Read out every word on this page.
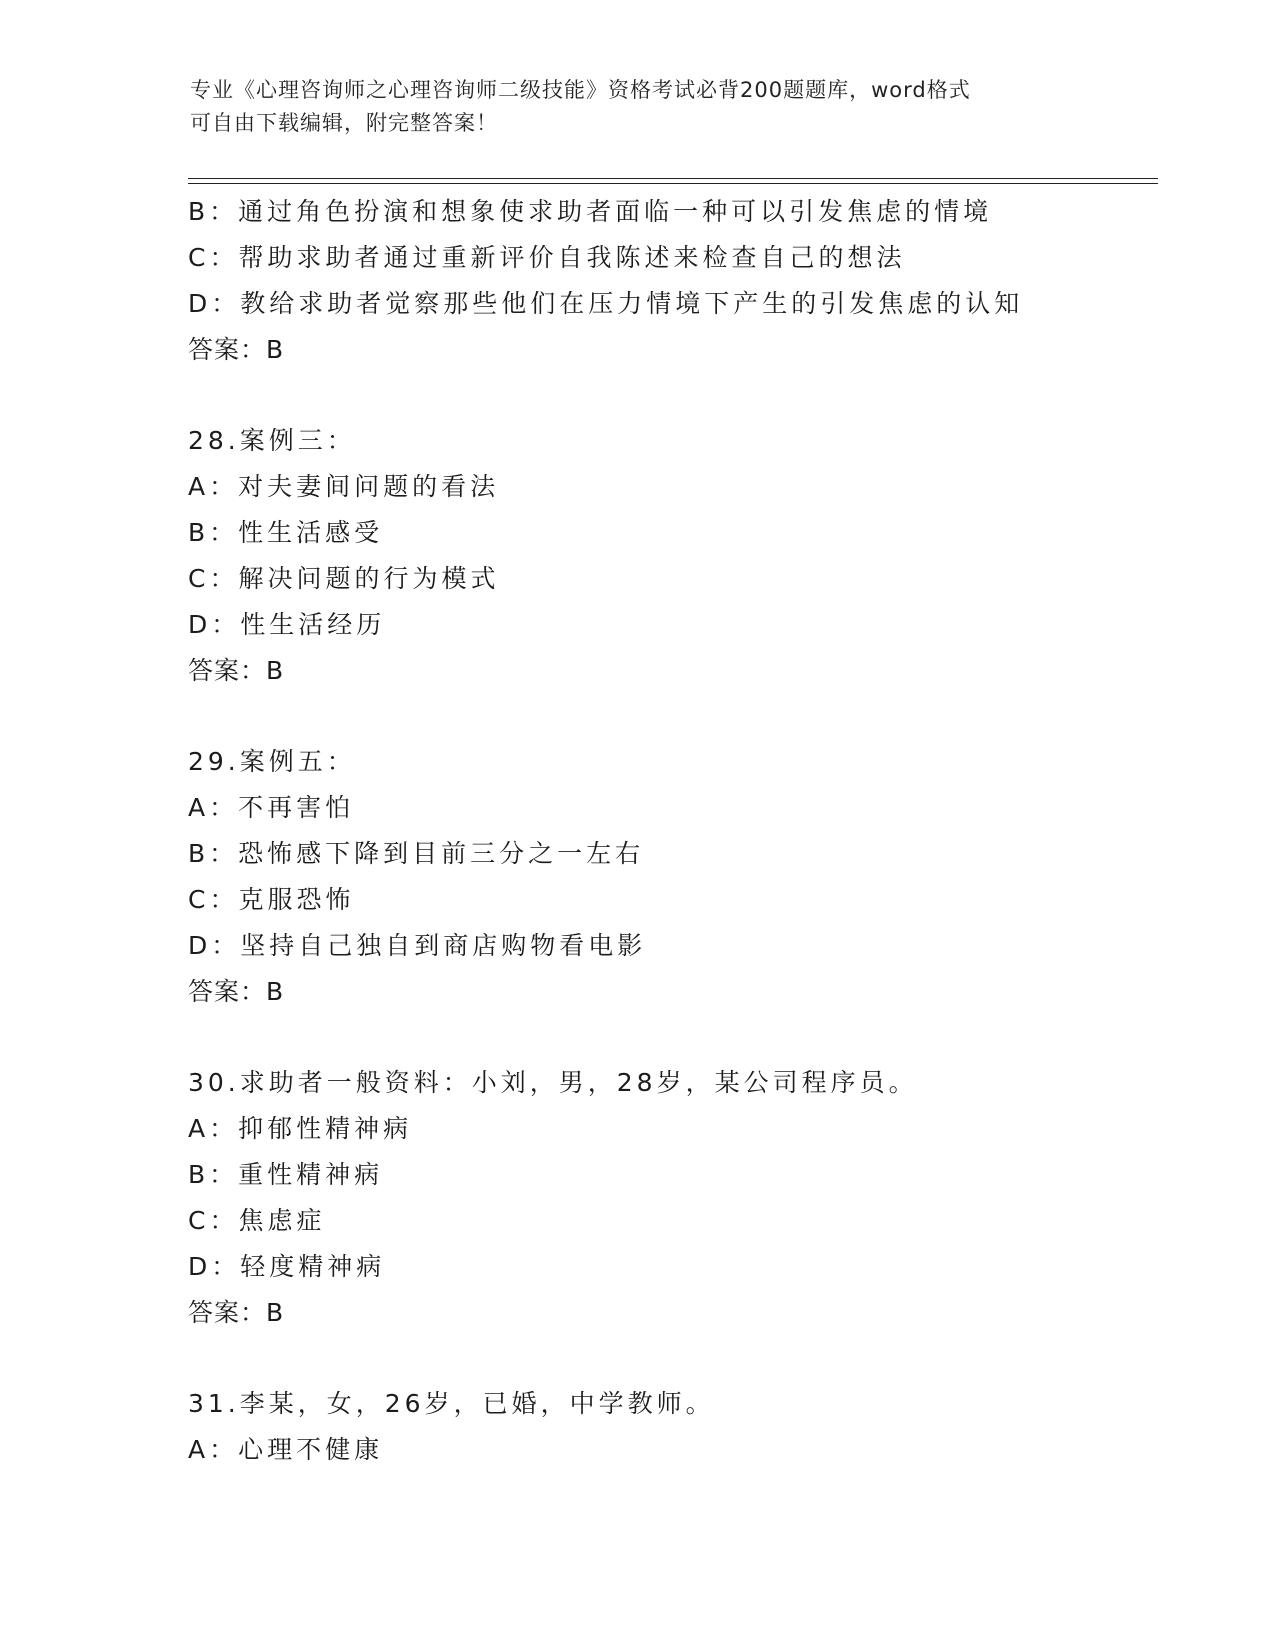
专业《心理咨询师之心理咨询师二级技能》资格考试必背200题题库，word格式
可自由下载编辑，附完整答案！
B：通过角色扮演和想象使求助者面临一种可以引发焦虑的情境
C：帮助求助者通过重新评价自我陈述来检查自己的想法
D：教给求助者觉察那些他们在压力情境下产生的引发焦虑的认知
答案：B
28.案例三：
A：对夫妻间问题的看法
B：性生活感受
C：解决问题的行为模式
D：性生活经历
答案：B
29.案例五：
A：不再害怕
B：恐怖感下降到目前三分之一左右
C：克服恐怖
D：坚持自己独自到商店购物看电影
答案：B
30.求助者一般资料：小刘，男，28岁，某公司程序员。
A：抑郁性精神病
B：重性精神病
C：焦虑症
D：轻度精神病
答案：B
31.李某，女，26岁，已婚，中学教师。
A：心理不健康
